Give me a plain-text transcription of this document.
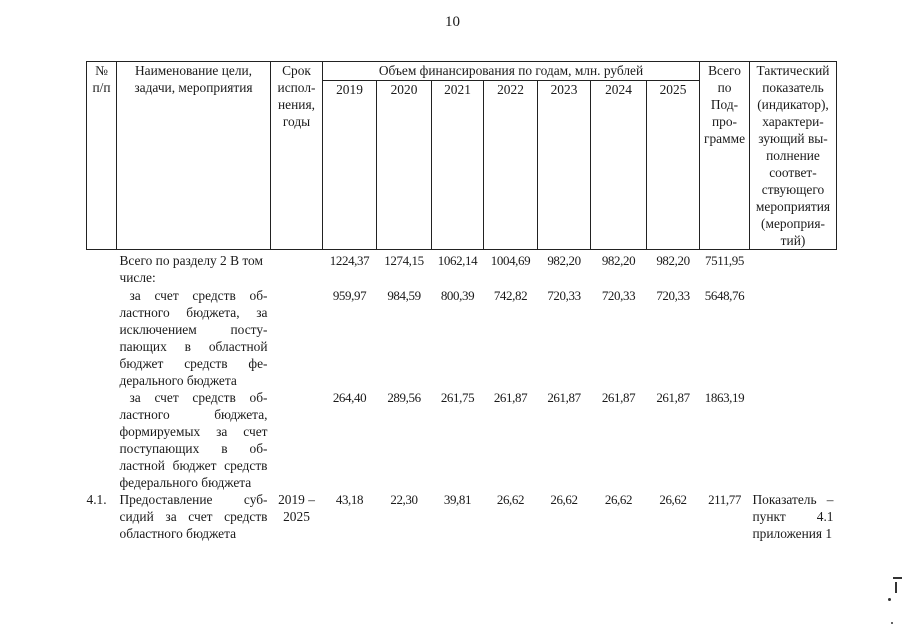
10
№ п/п	Наименование цели, задачи, мероприятия	Срок испол-нения, годы	Объем финансирования по годам, млн. рублей							Всего по Под-про-грамме	Тактический показатель (индикатор), характери-зующий вы-полнение соответ-ствующего мероприятия (мероприя-тий)
			2019	2020	2021	2022	2023	2024	2025		
	Всего по разделу 2 В том числе:		1224,37	1274,15	1062,14	1004,69	982,20	982,20	982,20	7511,95	
	за счет средств об-ластного бюджета, за исключением посту-пающих в областной бюджет средств фе-дерального бюджета		959,97	984,59	800,39	742,82	720,33	720,33	720,33	5648,76	
	за счет средств об-ластного бюджета, формируемых за счет поступающих в об-ластной бюджет средств федерального бюджета		264,40	289,56	261,75	261,87	261,87	261,87	261,87	1863,19	
4.1.	Предоставление суб-сидий за счет средств областного бюджета	2019 – 2025	43,18	22,30	39,81	26,62	26,62	26,62	26,62	211,77	Показатель – пункт 4.1 приложения 1
